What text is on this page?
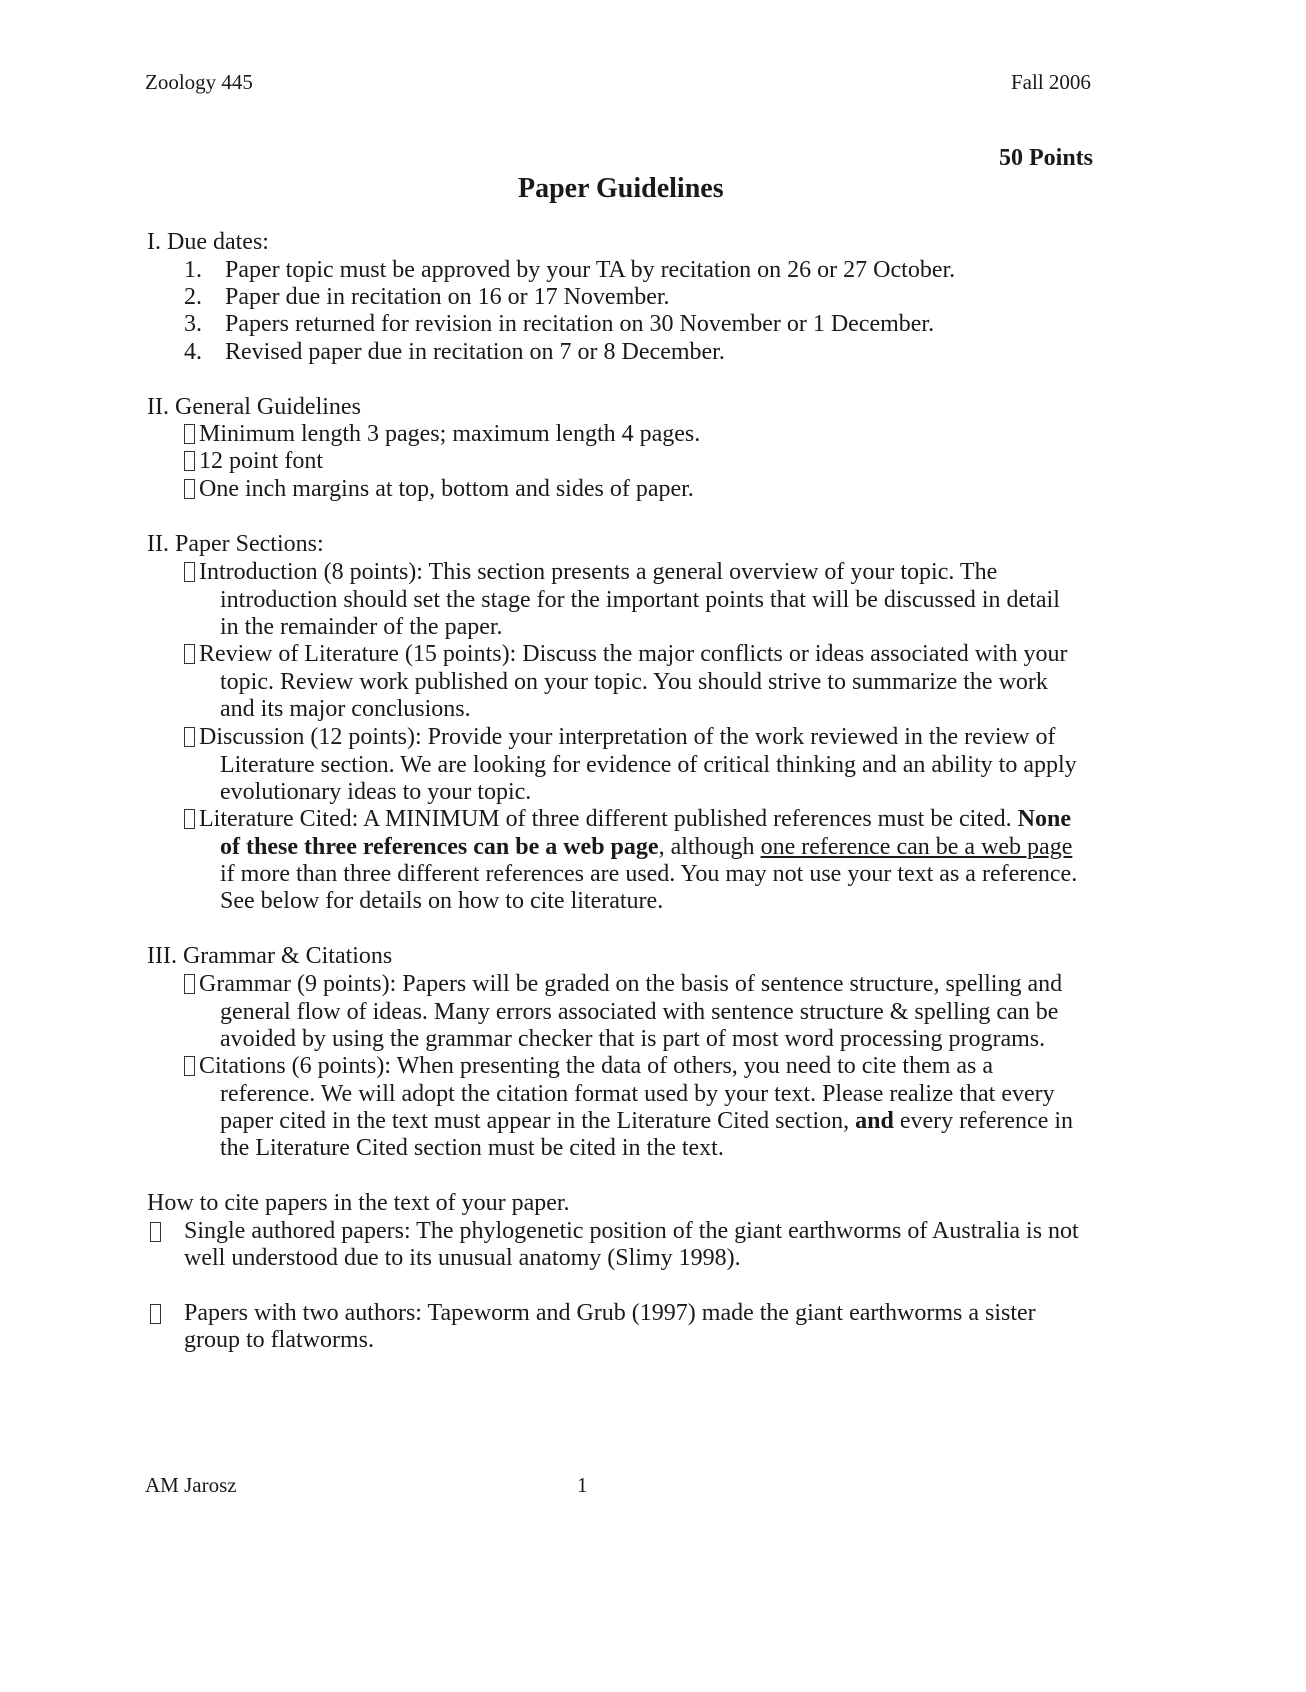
Zoology 445	Fall 2006
50 Points
Paper Guidelines
I. Due dates:
1. Paper topic must be approved by your TA by recitation on 26 or 27 October.
2. Paper due in recitation on 16 or 17 November.
3. Papers returned for revision in recitation on 30 November or 1 December.
4. Revised paper due in recitation on 7 or 8 December.
II. General Guidelines
Minimum length 3 pages; maximum length 4 pages.
12 point font
One inch margins at top, bottom and sides of paper.
II. Paper Sections:
Introduction (8 points): This section presents a general overview of your topic. The
introduction should set the stage for the important points that will be discussed in detail
in the remainder of the paper.
Review of Literature (15 points): Discuss the major conflicts or ideas associated with your
topic. Review work published on your topic. You should strive to summarize the work
and its major conclusions.
Discussion (12 points): Provide your interpretation of the work reviewed in the review of
Literature section. We are looking for evidence of critical thinking and an ability to apply
evolutionary ideas to your topic.
Literature Cited: A MINIMUM of three different published references must be cited. None
of these three references can be a web page, although one reference can be a web page
if more than three different references are used. You may not use your text as a reference.
See below for details on how to cite literature.
III. Grammar & Citations
Grammar (9 points): Papers will be graded on the basis of sentence structure, spelling and
general flow of ideas. Many errors associated with sentence structure & spelling can be
avoided by using the grammar checker that is part of most word processing programs.
Citations (6 points): When presenting the data of others, you need to cite them as a
reference. We will adopt the citation format used by your text. Please realize that every
paper cited in the text must appear in the Literature Cited section, and every reference in
the Literature Cited section must be cited in the text.
How to cite papers in the text of your paper.
Single authored papers: The phylogenetic position of the giant earthworms of Australia is not
well understood due to its unusual anatomy (Slimy 1998).
Papers with two authors: Tapeworm and Grub (1997) made the giant earthworms a sister
group to flatworms.
AM Jarosz	1
